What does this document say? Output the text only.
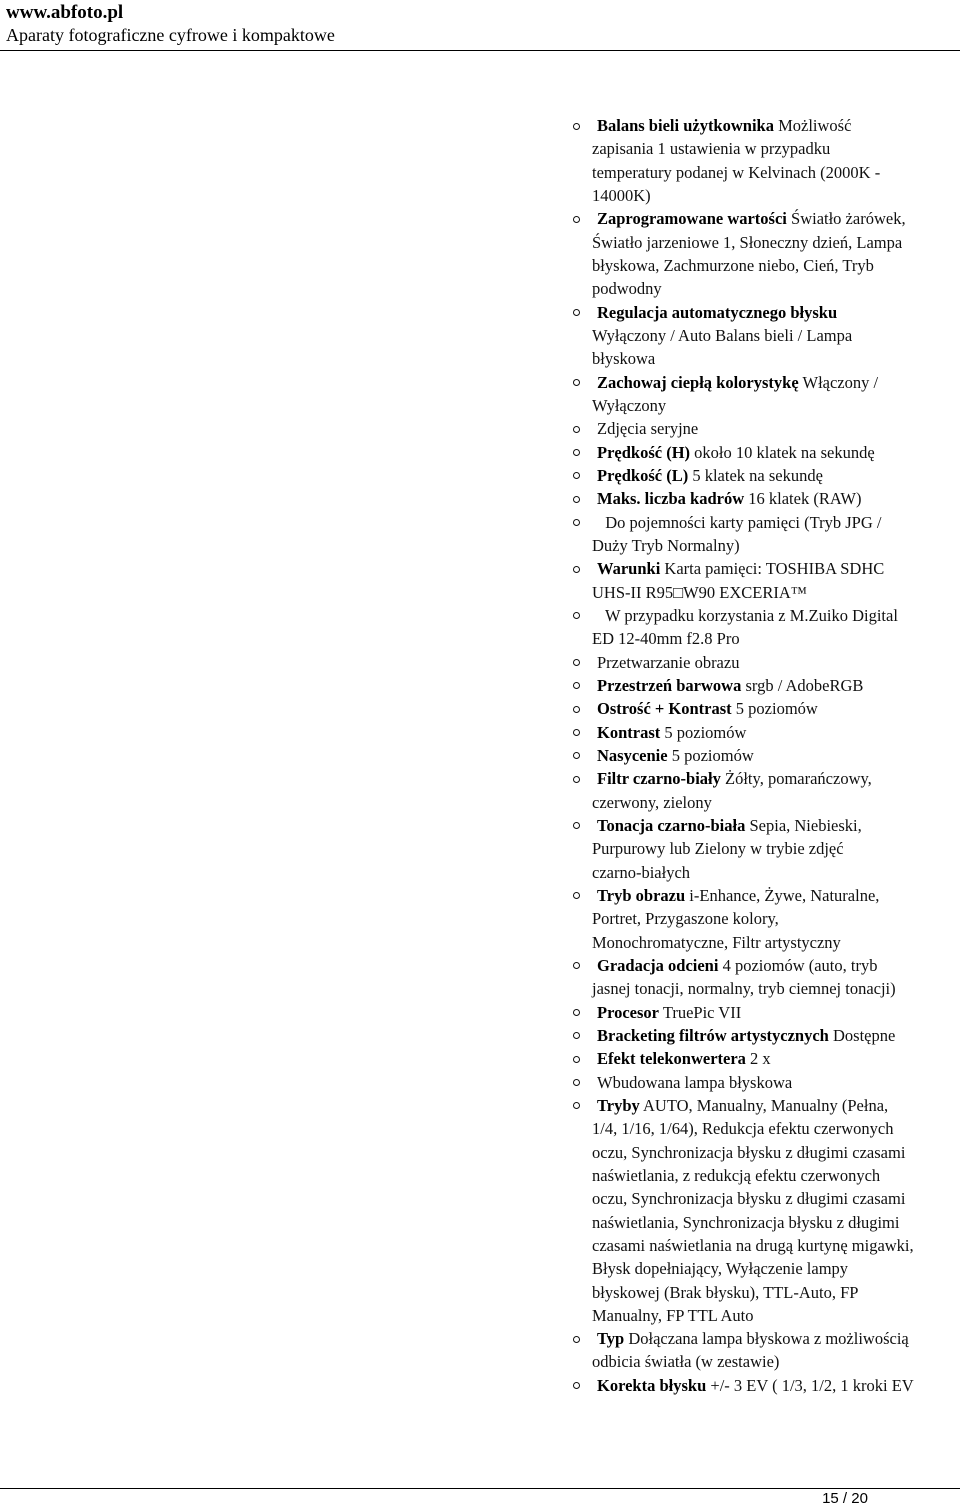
www.abfoto.pl
Aparaty fotograficzne cyfrowe i kompaktowe
Balans bieli użytkownika Możliwość
zapisania 1 ustawienia w przypadku
temperatury podanej w Kelvinach (2000K -
14000K)
Zaprogramowane wartości Światło żarówek,
Światło jarzeniowe 1, Słoneczny dzień, Lampa
błyskowa, Zachmurzone niebo, Cień, Tryb
podwodny
Regulacja automatycznego błysku
Wyłączony / Auto Balans bieli / Lampa
błyskowa
Zachowaj ciepłą kolorystykę Włączony /
Wyłączony
Zdjęcia seryjne
Prędkość (H) około 10 klatek na sekundę
Prędkość (L) 5 klatek na sekundę
Maks. liczba kadrów 16 klatek (RAW)
Do pojemności karty pamięci (Tryb JPG /
Duży Tryb Normalny)
Warunki Karta pamięci: TOSHIBA SDHC
UHS-II R95□W90 EXCERIA™
W przypadku korzystania z M.Zuiko Digital
ED 12-40mm f2.8 Pro
Przetwarzanie obrazu
Przestrzeń barwowa srgb / AdobeRGB
Ostrość + Kontrast 5 poziomów
Kontrast 5 poziomów
Nasycenie 5 poziomów
Filtr czarno-biały Żółty, pomarańczowy,
czerwony, zielony
Tonacja czarno-biała Sepia, Niebieski,
Purpurowy lub Zielony w trybie zdjęć
czarno-białych
Tryb obrazu i-Enhance, Żywe, Naturalne,
Portret, Przygaszone kolory,
Monochromatyczne, Filtr artystyczny
Gradacja odcieni 4 poziomów (auto, tryb
jasnej tonacji, normalny, tryb ciemnej tonacji)
Procesor TruePic VII
Bracketing filtrów artystycznych Dostępne
Efekt telekonwertera 2 x
Wbudowana lampa błyskowa
Tryby AUTO, Manualny, Manualny (Pełna,
1/4, 1/16, 1/64), Redukcja efektu czerwonych
oczu, Synchronizacja błysku z długimi czasami
naświetlania, z redukcją efektu czerwonych
oczu, Synchronizacja błysku z długimi czasami
naświetlania, Synchronizacja błysku z długimi
czasami naświetlania na drugą kurtynę migawki,
Błysk dopełniający, Wyłączenie lampy
błyskowej (Brak błysku), TTL-Auto, FP
Manualny, FP TTL Auto
Typ Dołączana lampa błyskowa z możliwością
odbicia światła (w zestawie)
Korekta błysku +/- 3 EV ( 1/3, 1/2, 1 kroki EV
15 / 20
